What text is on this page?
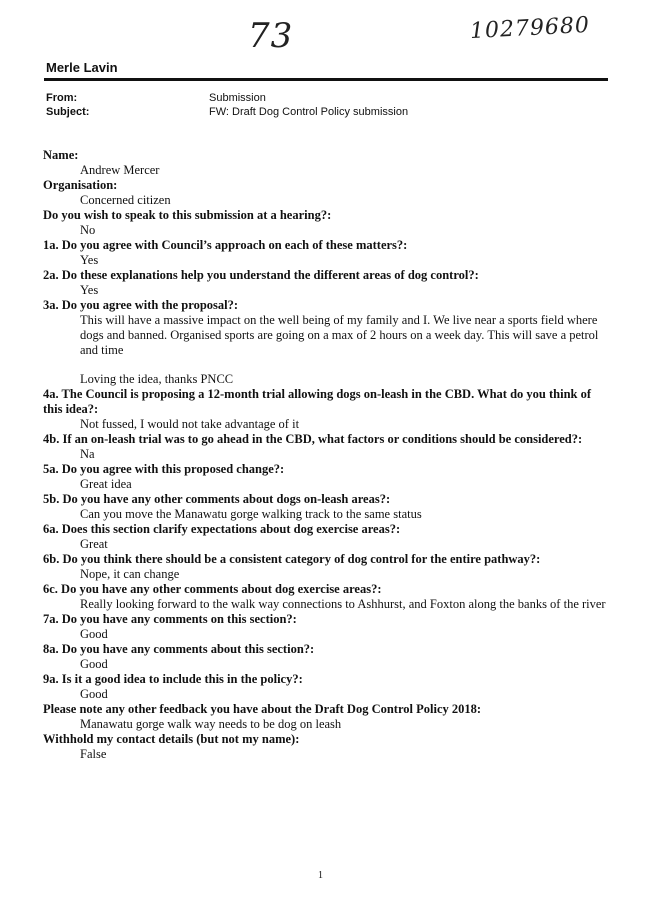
73	10279680
Merle Lavin
From:	Submission
Subject:	FW: Draft Dog Control Policy submission
Name:
Andrew Mercer
Organisation:
Concerned citizen
Do you wish to speak to this submission at a hearing?:
No
1a. Do you agree with Council’s approach on each of these matters?:
Yes
2a. Do these explanations help you understand the different areas of dog control?:
Yes
3a. Do you agree with the proposal?:
This will have a massive impact on the well being of my family and I. We live near a sports field where dogs and banned. Organised sports are going on a max of 2 hours on a week day. This will save a petrol and time
Loving the idea, thanks PNCC
4a. The Council is proposing a 12-month trial allowing dogs on-leash in the CBD. What do you think of this idea?:
Not fussed, I would not take advantage of it
4b. If an on-leash trial was to go ahead in the CBD, what factors or conditions should be considered?:
Na
5a. Do you agree with this proposed change?:
Great idea
5b. Do you have any other comments about dogs on-leash areas?:
Can you move the Manawatu gorge walking track to the same status
6a. Does this section clarify expectations about dog exercise areas?:
Great
6b. Do you think there should be a consistent category of dog control for the entire pathway?:
Nope, it can change
6c. Do you have any other comments about dog exercise areas?:
Really looking forward to the walk way connections to Ashhurst, and Foxton along the banks of the river
7a. Do you have any comments on this section?:
Good
8a. Do you have any comments about this section?:
Good
9a. Is it a good idea to include this in the policy?:
Good
Please note any other feedback you have about the Draft Dog Control Policy 2018:
Manawatu gorge walk way needs to be dog on leash
Withhold my contact details (but not my name):
False
1
